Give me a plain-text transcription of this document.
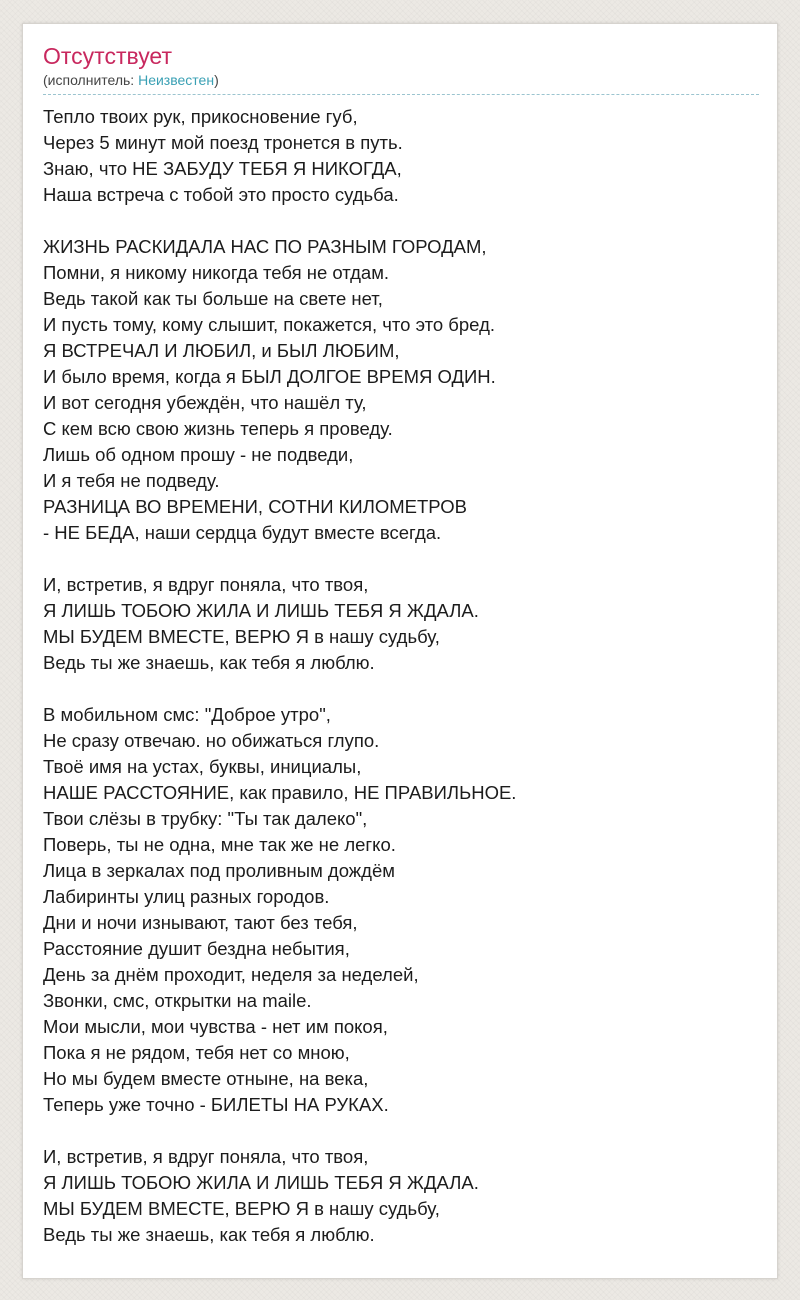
Отсутствует
(исполнитель: Неизвестен)
Тепло твоих рук, прикосновение губ,
Через 5 минут мой поезд тронется в путь.
Знаю, что НЕ ЗАБУДУ ТЕБЯ Я НИКОГДА,
Наша встреча с тобой это просто судьба.
ЖИЗНЬ РАСКИДАЛА НАС ПО РАЗНЫМ ГОРОДАМ,
Помни, я никому никогда тебя не отдам.
Ведь такой как ты больше на свете нет,
И пусть тому, кому слышит, покажется, что это бред.
Я ВСТРЕЧАЛ И ЛЮБИЛ, и БЫЛ ЛЮБИМ,
И было время, когда я БЫЛ ДОЛГОЕ ВРЕМЯ ОДИН.
И вот сегодня убеждён, что нашёл ту,
С кем всю свою жизнь теперь я проведу.
Лишь об одном прошу - не подведи,
И я тебя не подведу.
РАЗНИЦА ВО ВРЕМЕНИ, СОТНИ КИЛОМЕТРОВ
- НЕ БЕДА, наши сердца будут вместе всегда.
И, встретив, я вдруг поняла, что твоя,
Я ЛИШЬ ТОБОЮ ЖИЛА И ЛИШЬ ТЕБЯ Я ЖДАЛА.
МЫ БУДЕМ ВМЕСТЕ, ВЕРЮ Я в нашу судьбу,
Ведь ты же знаешь, как тебя я люблю.
В мобильном смс: "Доброе утро",
Не сразу отвечаю. но обижаться глупо.
Твоё имя на устах, буквы, инициалы,
НАШЕ РАССТОЯНИЕ, как правило, НЕ ПРАВИЛЬНОЕ.
Твои слёзы в трубку: "Ты так далеко",
Поверь, ты не одна, мне так же не легко.
Лица в зеркалах под проливным дождём
Лабиринты улиц разных городов.
Дни и ночи изнывают, тают без тебя,
Расстояние душит бездна небытия,
День за днём проходит, неделя за неделей,
Звонки, смс, открытки на maile.
Мои мысли, мои чувства - нет им покоя,
Пока я не рядом, тебя нет со мною,
Но мы будем вместе отныне, на века,
Теперь уже точно - БИЛЕТЫ НА РУКАХ.
И, встретив, я вдруг поняла, что твоя,
Я ЛИШЬ ТОБОЮ ЖИЛА И ЛИШЬ ТЕБЯ Я ЖДАЛА.
МЫ БУДЕМ ВМЕСТЕ, ВЕРЮ Я в нашу судьбу,
Ведь ты же знаешь, как тебя я люблю.
